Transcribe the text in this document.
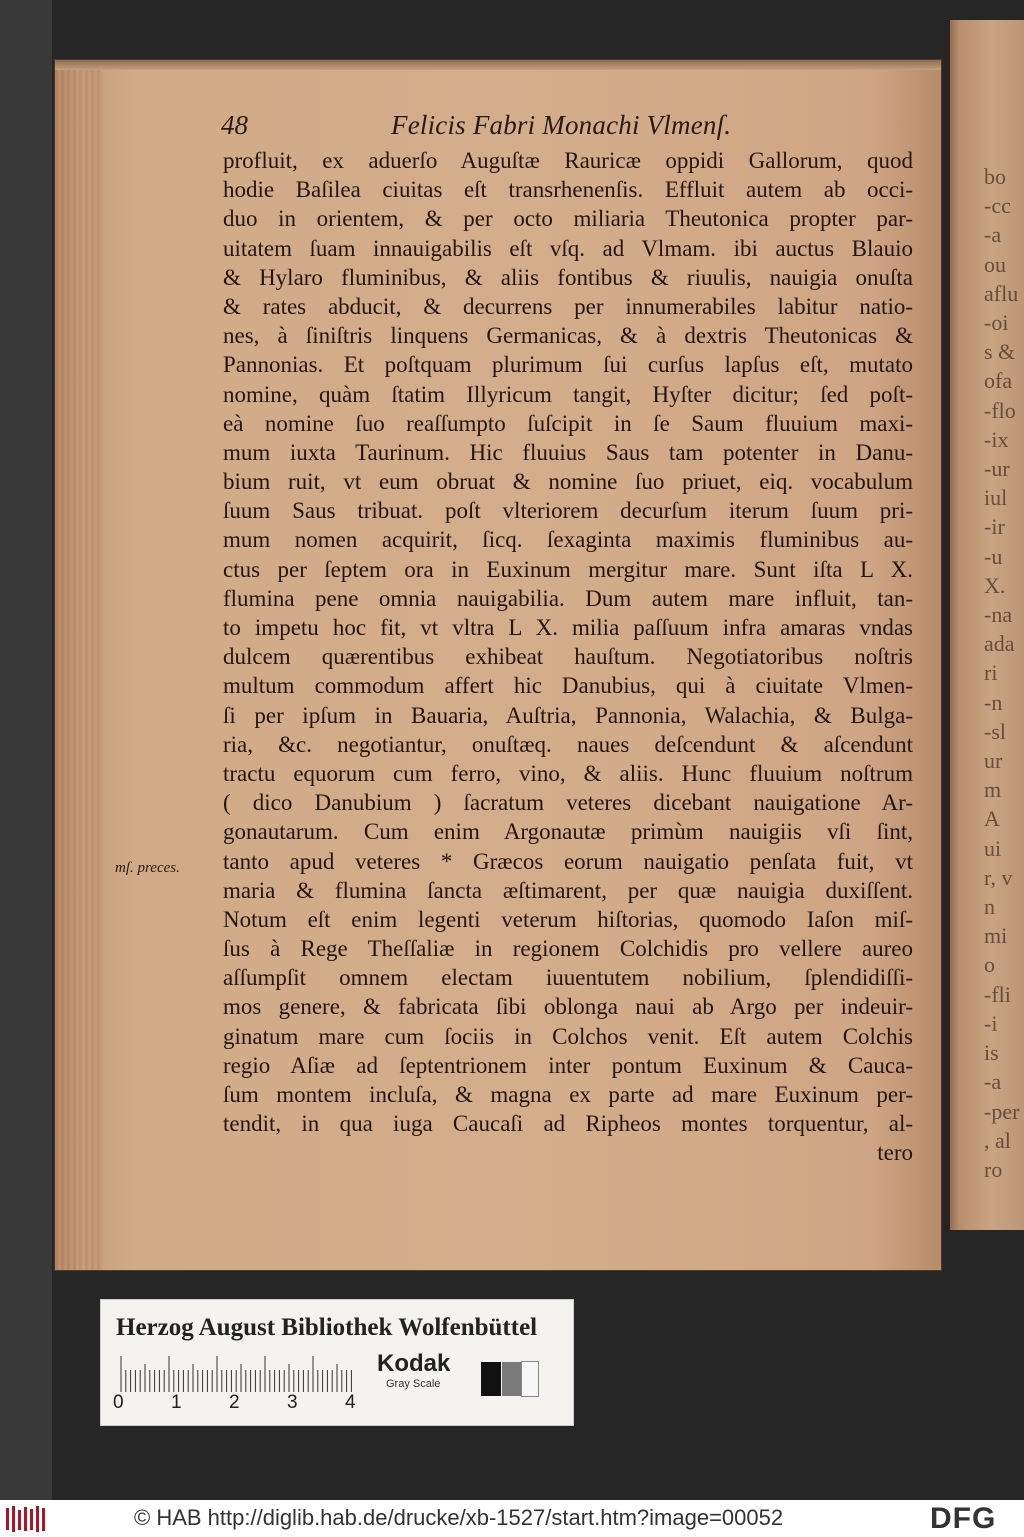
bo
-cc
-a
ou
aflu
-oi
s &
ofa
-flo
-ix
-ur
iul
-ir
-u
X.
-na
ada
ri
-n
-sl
ur
m
A
ui
r, v
n
mi
o
-fli
-i
is
-a
-per
, al
ro
48	Felicis Fabri Monachi Vlmenſ.
profluit, ex aduerſo Auguſtæ Rauricæ oppidi Gallorum, quod
hodie Baſilea ciuitas eſt transrhenenſis. Effluit autem ab occi-
duo in orientem, & per octo miliaria Theutonica propter par-
uitatem ſuam innauigabilis eſt vſq. ad Vlmam. ibi auctus Blauio
& Hylaro fluminibus, & aliis fontibus & riuulis, nauigia onuſta
& rates abducit, & decurrens per innumerabiles labitur natio-
nes, à ſiniſtris linquens Germanicas, & à dextris Theutonicas &
Pannonias. Et poſtquam plurimum ſui curſus lapſus eſt, mutato
nomine, quàm ſtatim Illyricum tangit, Hyſter dicitur; ſed poſt-
eà nomine ſuo reaſſumpto ſuſcipit in ſe Saum fluuium maxi-
mum iuxta Taurinum. Hic fluuius Saus tam potenter in Danu-
bium ruit, vt eum obruat & nomine ſuo priuet, eiq. vocabulum
ſuum Saus tribuat. poſt vlteriorem decurſum iterum ſuum pri-
mum nomen acquirit, ſicq. ſexaginta maximis fluminibus au-
ctus per ſeptem ora in Euxinum mergitur mare. Sunt iſta L X.
flumina pene omnia nauigabilia. Dum autem mare influit, tan-
to impetu hoc fit, vt vltra L X. milia paſſuum infra amaras vndas
dulcem quærentibus exhibeat hauſtum. Negotiatoribus noſtris
multum commodum affert hic Danubius, qui à ciuitate Vlmen-
ſi per ipſum in Bauaria, Auſtria, Pannonia, Walachia, & Bulga-
ria, &c. negotiantur, onuſtæq. naues deſcendunt & aſcendunt
tractu equorum cum ferro, vino, & aliis. Hunc fluuium noſtrum
( dico Danubium ) ſacratum veteres dicebant nauigatione Ar-
gonautarum. Cum enim Argonautæ primùm nauigiis vſi ſint,
tanto apud veteres * Græcos eorum nauigatio penſata fuit, vt
maria & flumina ſancta æſtimarent, per quæ nauigia duxiſſent.
Notum eſt enim legenti veterum hiſtorias, quomodo Iaſon miſ-
ſus à Rege Theſſaliæ in regionem Colchidis pro vellere aureo
aſſumpſit omnem electam iuuentutem nobilium, ſplendidiſſi-
mos genere, & fabricata ſibi oblonga naui ab Argo per indeuir-
ginatum mare cum ſociis in Colchos venit. Eſt autem Colchis
regio Aſiæ ad ſeptentrionem inter pontum Euxinum & Cauca-
ſum montem incluſa, & magna ex parte ad mare Euxinum per-
tendit, in qua iuga Caucaſi ad Ripheos montes torquentur, al-
tero
mſ. preces.
Herzog August Bibliothek Wolfenbüttel
0 1 2 3 4
Kodak
Gray Scale
© HAB http://diglib.hab.de/drucke/xb-1527/start.htm?image=00052	DFG
